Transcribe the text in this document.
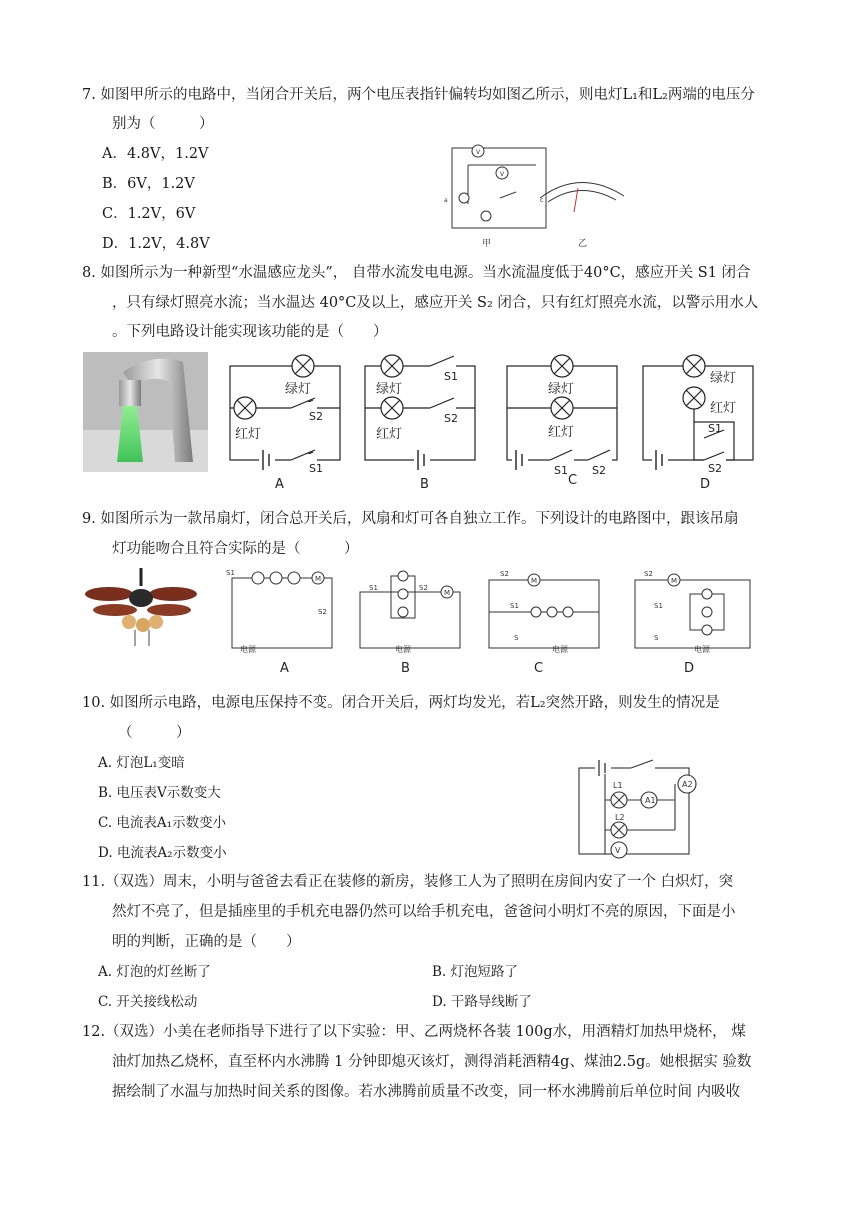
7. 如图甲所示的电路中，当闭合开关后，两个电压表指针偏转均如图乙所示，则电灯L₁和L₂两端的电压分
别为（　　　）
A．4.8V，1.2V
B．6V，1.2V
C．1.2V，6V
D．1.2V，4.8V
V
V
a	c
甲	乙
8. 如图所示为一种新型“水温感应龙头”， 自带水流发电电源。当水流温度低于40°C，感应开关 S1 闭合
，只有绿灯照亮水流；当水温达 40°C及以上，感应开关 S₂ 闭合，只有红灯照亮水流，以警示用水人
。下列电路设计能实现该功能的是（　　）
绿灯
红灯
S2
S1
A
绿灯
红灯
S1
S2
B
绿灯
红灯
S1 S2
C
绿灯
红灯
S1
S2
D
9. 如图所示为一款吊扇灯，闭合总开关后，风扇和灯可各自独立工作。下列设计的电路图中，跟该吊扇
灯功能吻合且符合实际的是（　　　）
M
S1
S2
电源
A
M
S1	S2
电源
B
M
S2
S1
S
电源
C
M
S2
S1
S
电源
D
10. 如图所示电路，电源电压保持不变。闭合开关后，两灯均发光，若L₂突然开路，则发生的情况是
（　　　）
A. 灯泡L₁变暗
B. 电压表V示数变大
C. 电流表A₁示数变小
D. 电流表A₂示数变小
L1
L2
A1
A2
V
11.（双选）周末，小明与爸爸去看正在装修的新房，装修工人为了照明在房间内安了一个 白炽灯，突
然灯不亮了，但是插座里的手机充电器仍然可以给手机充电，爸爸问小明灯不亮的原因，下面是小
明的判断，正确的是（　　）
A. 灯泡的灯丝断了	B. 灯泡短路了
C. 开关接线松动	D. 干路导线断了
12.（双选）小美在老师指导下进行了以下实验：甲、乙两烧杯各装 100g水，用酒精灯加热甲烧杯， 煤
油灯加热乙烧杯，直至杯内水沸腾 1 分钟即熄灭该灯，测得消耗酒精4g、煤油2.5g。她根据实 验数
据绘制了水温与加热时间关系的图像。若水沸腾前质量不改变，同一杯水沸腾前后单位时间 内吸收
